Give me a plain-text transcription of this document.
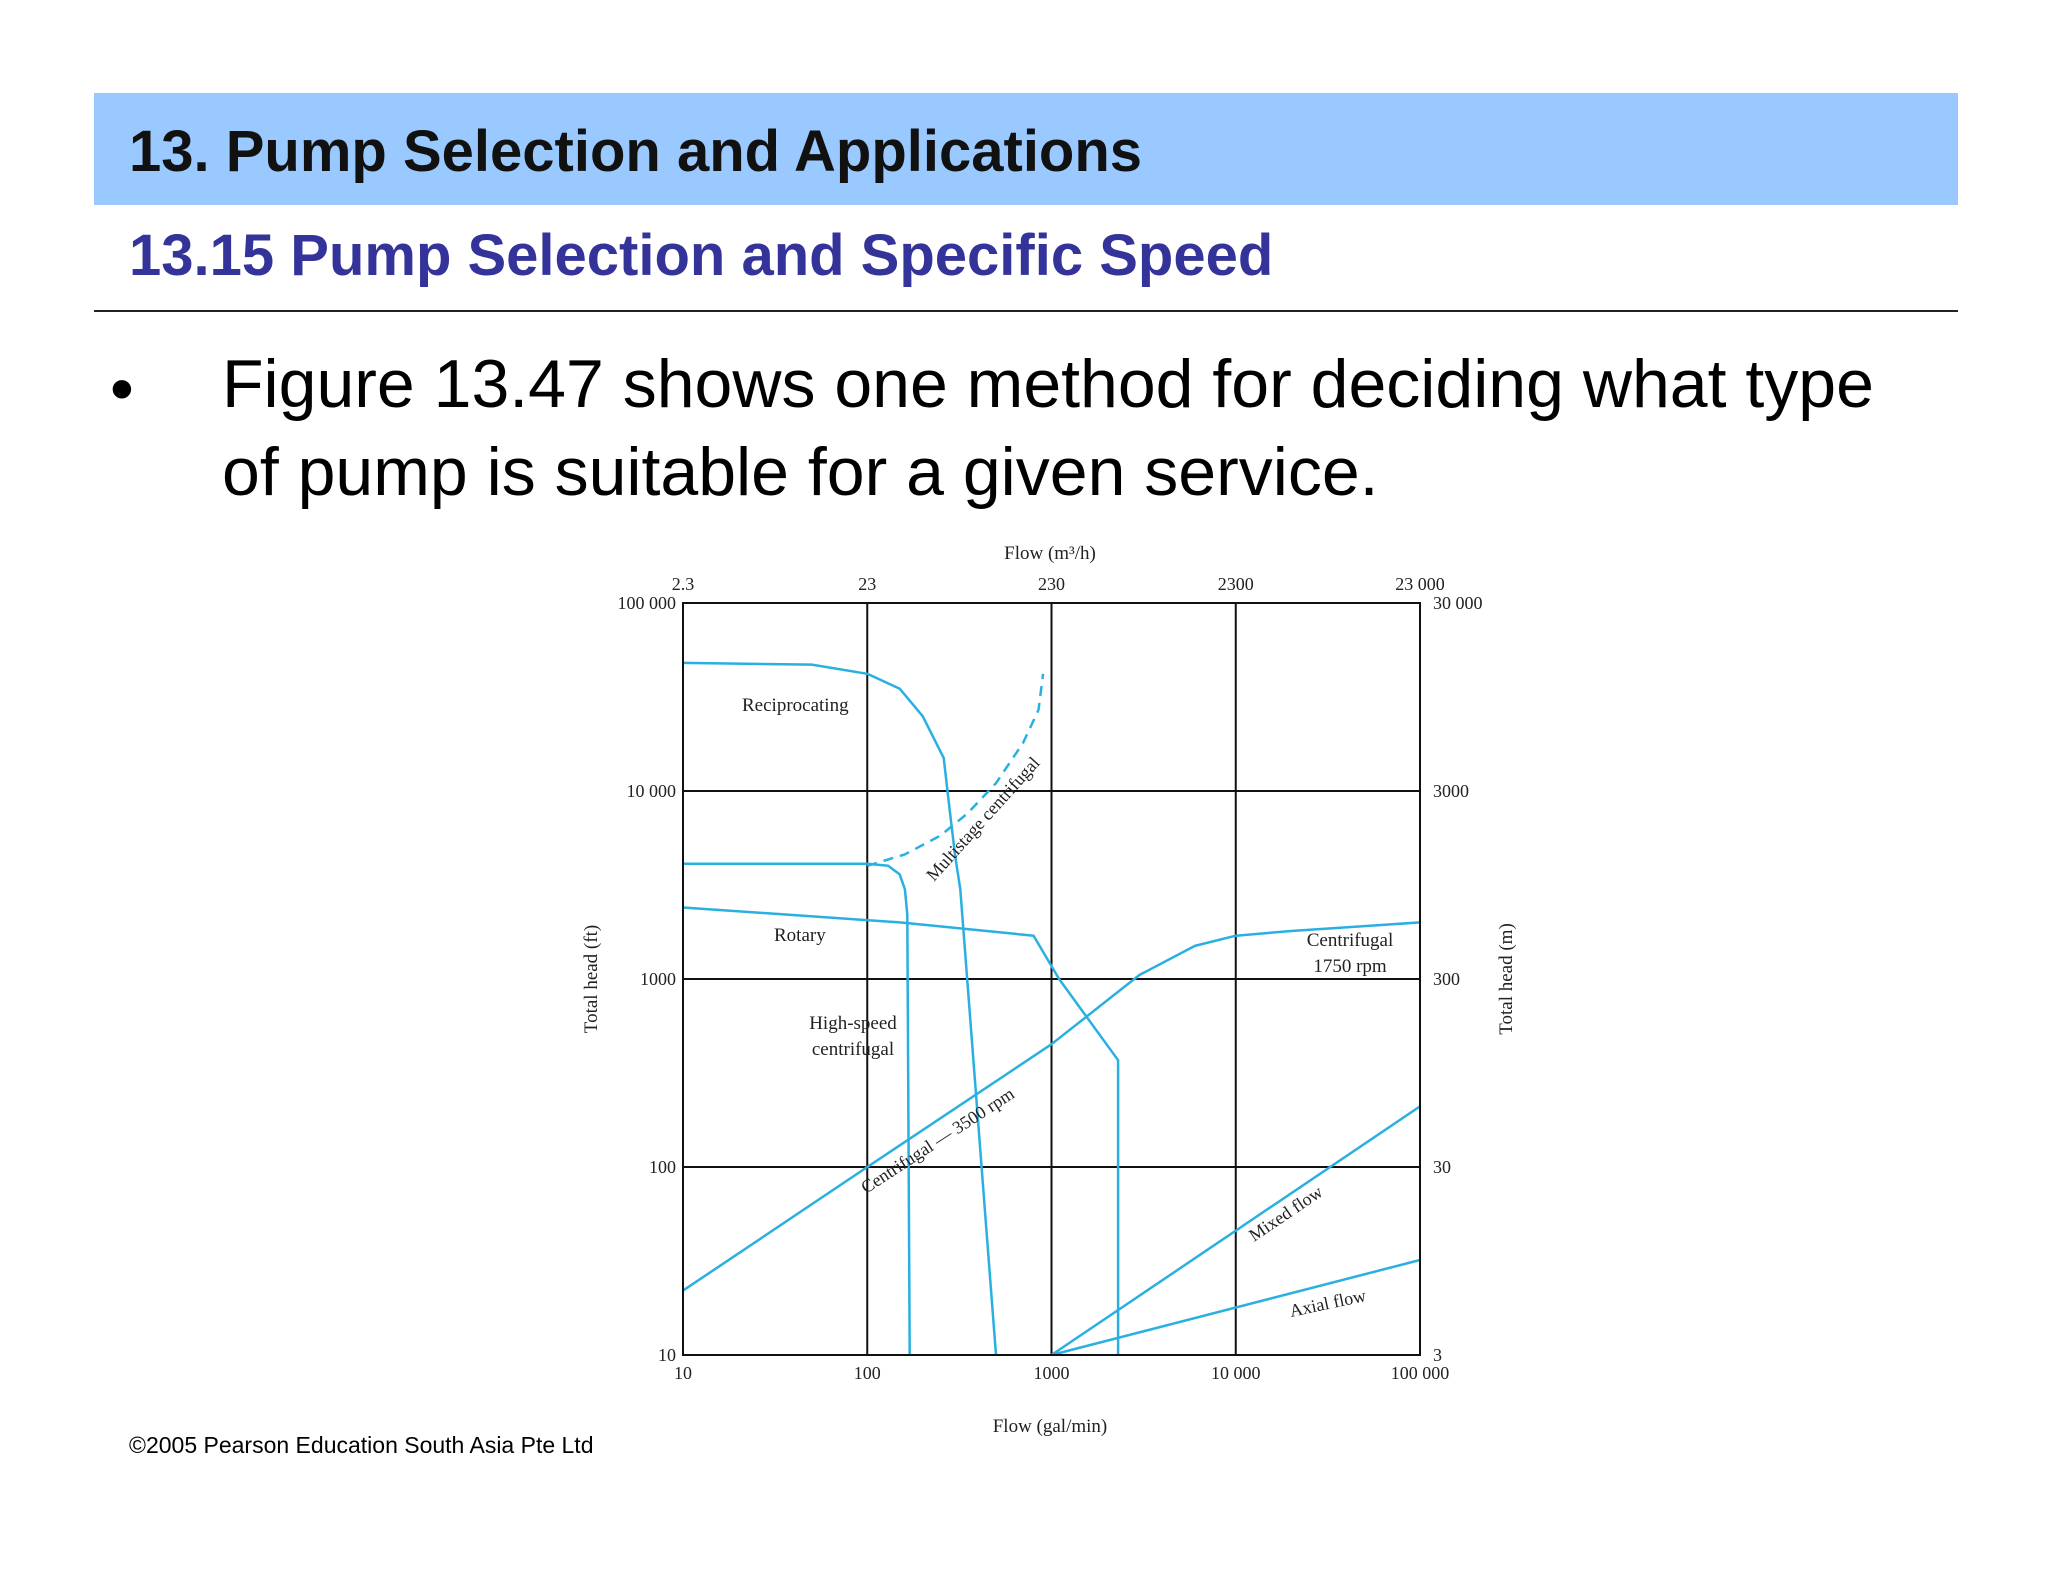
13. Pump Selection and Applications
13.15 Pump Selection and Specific Speed
• Figure 13.47 shows one method for deciding what type of pump is suitable for a given service.

©2005 Pearson Education South Asia Pte Ltd
Flow (m³/h)
Flow (gal/min)
Total head (ft)	Total head (m)
10	100	1000	10 000	100 000
2.3	23	230	2300	23 000
10
100
1000
10 000
100 000
3
30
300
3000
30 000
Reciprocating
Multistage centrifugal
Rotary
High-speed
centrifugal
Centrifugal — 3500 rpm
Centrifugal
1750 rpm
Mixed flow
Axial flow
